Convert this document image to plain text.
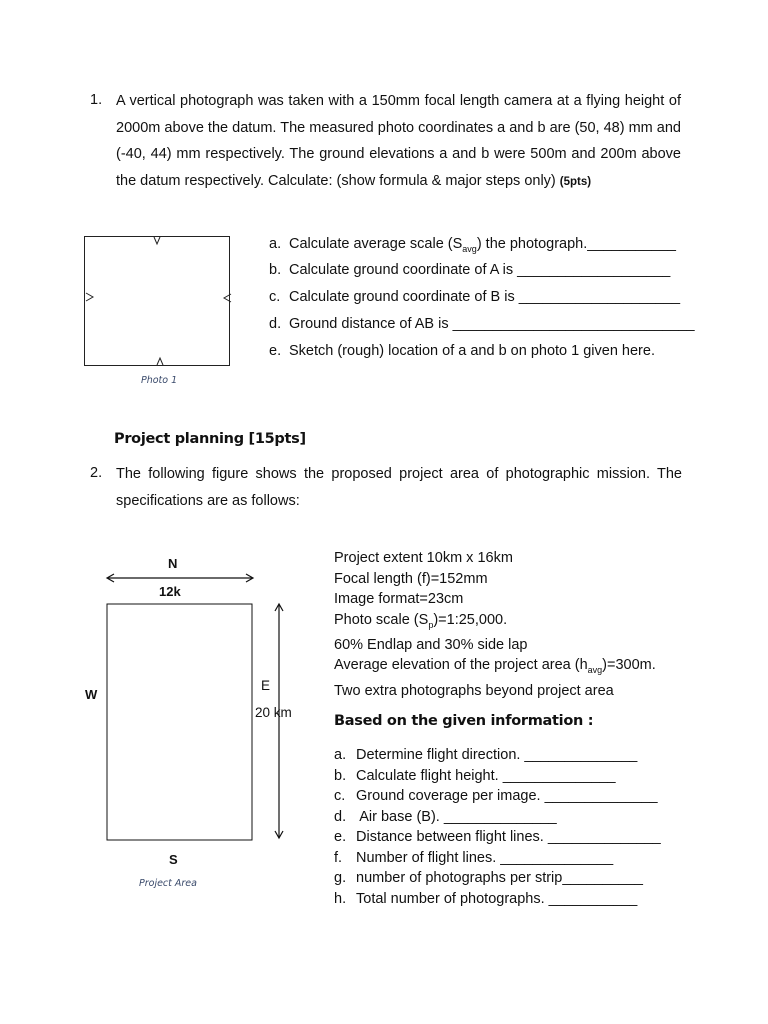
1. A vertical photograph was taken with a 150mm focal length camera at a flying height of 2000m above the datum. The measured photo coordinates a and b are (50, 48) mm and (-40, 44) mm respectively. The ground elevations a and b were 500m and 200m above the datum respectively. Calculate: (show formula & major steps only) (5pts)
Photo 1
a. Calculate average scale $(S_{avg})$ the photograph.___________
b. Calculate ground coordinate of A is ___________________
c. Calculate ground coordinate of B is ____________________
d. Ground distance of AB is ______________________________
e. Sketch (rough) location of a and b on photo 1 given here.
Project planning [15pts]
2. The following figure shows the proposed project area of photographic mission. The specifications are as follows:
N
12k
W
E
20 km
S
Project Area
Project extent 10km x 16km
Focal length (f)=152mm
Image format=23cm
Photo scale $(S_p)=1:25,000$.
60% Endlap and 30% side lap
Average elevation of the project area $(h_{avg})=300m$.
Two extra photographs beyond project area
Based on the given information :
a. Determine flight direction. ______________
b. Calculate flight height. ______________
c. Ground coverage per image. ______________
d. Air base (B). ______________
e. Distance between flight lines. ______________
f. Number of flight lines. ______________
g. number of photographs per strip__________
h. Total number of photographs. ___________
